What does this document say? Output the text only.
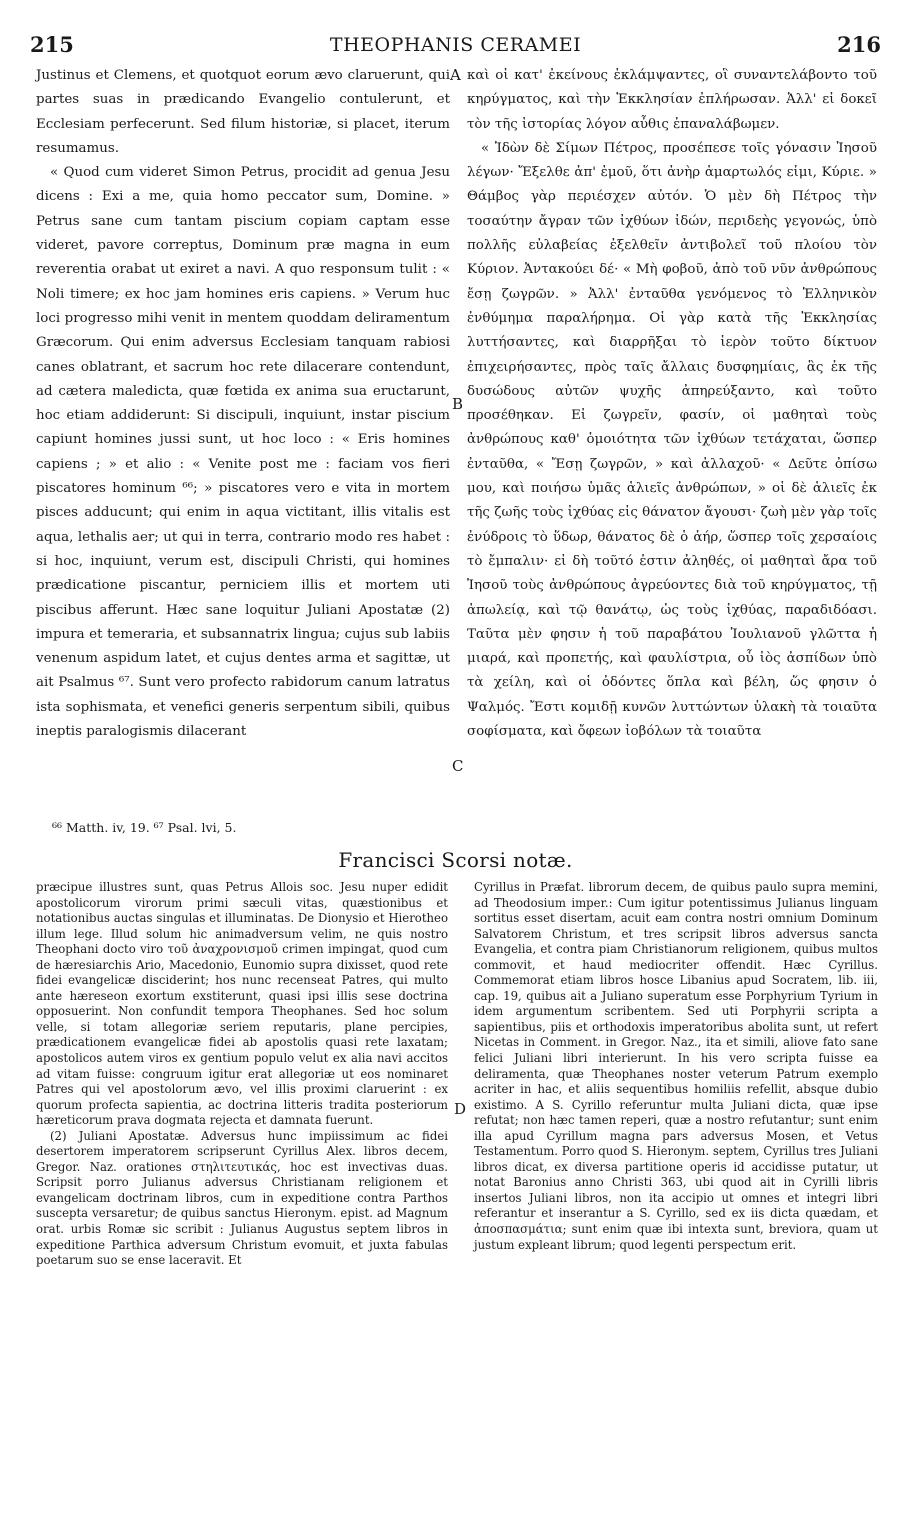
215	THEOPHANIS CERAMEI	216
A
B
C
D

Justinus et Clemens, et quotquot eorum ævo claruerunt, qui partes suas in prædicando Evangelio contulerunt, et Ecclesiam perfecerunt. Sed filum historiæ, si placet, iterum resumamus.

« Quod cum videret Simon Petrus, procidit ad genua Jesu dicens : Exi a me, quia homo peccator sum, Domine. » Petrus sane cum tantam piscium copiam captam esse videret, pavore correptus, Dominum præ magna in eum reverentia orabat ut exiret a navi. A quo responsum tulit : « Noli timere; ex hoc jam homines eris capiens. » Verum huc loci progresso mihi venit in mentem quoddam deliramentum Græcorum. Qui enim adversus Ecclesiam tanquam rabiosi canes oblatrant, et sacrum hoc rete dilacerare contendunt, ad cætera maledicta, quæ fœtida ex anima sua eructarunt, hoc etiam addiderunt: Si discipuli, inquiunt, instar piscium capiunt homines jussi sunt, ut hoc loco : « Eris homines capiens ; » et alio : « Venite post me : faciam vos fieri piscatores hominum ⁶⁶; » piscatores vero e vita in mortem pisces adducunt; qui enim in aqua victitant, illis vitalis est aqua, lethalis aer; ut qui in terra, contrario modo res habet : si hoc, inquiunt, verum est, discipuli Christi, qui homines prædicatione piscantur, perniciem illis et mortem uti piscibus afferunt. Hæc sane loquitur Juliani Apostatæ (2) impura et temeraria, et subsannatrix lingua; cujus sub labiis venenum aspidum latet, et cujus dentes arma et sagittæ, ut ait Psalmus ⁶⁷. Sunt vero profecto rabidorum canum latratus ista sophismata, et venefici generis serpentum sibili, quibus ineptis paralogismis dilacerant

καὶ οἱ κατ' ἐκείνους ἐκλάμψαντες, οἳ συναντελάβοντο τοῦ κηρύγματος, καὶ τὴν Ἐκκλησίαν ἐπλήρωσαν. Ἀλλ' εἰ δοκεῖ τὸν τῆς ἱστορίας λόγον αὖθις ἐπαναλάβωμεν.

« Ἰδὼν δὲ Σίμων Πέτρος, προσέπεσε τοῖς γόνασιν Ἰησοῦ λέγων· Ἔξελθε ἀπ' ἐμοῦ, ὅτι ἀνὴρ ἁμαρτωλός εἰμι, Κύριε. » Θάμβος γὰρ περιέσχεν αὐτόν. Ὁ μὲν δὴ Πέτρος τὴν τοσαύτην ἄγραν τῶν ἰχθύων ἰδών, περιδεὴς γεγονώς, ὑπὸ πολλῆς εὐλαβείας ἐξελθεῖν ἀντιβολεῖ τοῦ πλοίου τὸν Κύριον. Ἀντακούει δέ· « Μὴ φοβοῦ, ἀπὸ τοῦ νῦν ἀνθρώπους ἔσῃ ζωγρῶν. » Ἀλλ' ἐνταῦθα γενόμενος τὸ Ἑλληνικὸν ἐνθύμημα παραλήρημα. Οἱ γὰρ κατὰ τῆς Ἐκκλησίας λυττήσαντες, καὶ διαρρῆξαι τὸ ἱερὸν τοῦτο δίκτυον ἐπιχειρήσαντες, πρὸς ταῖς ἄλλαις δυσφημίαις, ἃς ἐκ τῆς δυσώδους αὐτῶν ψυχῆς ἀπηρεύξαντο, καὶ τοῦτο προσέθηκαν. Εἰ ζωγρεῖν, φασίν, οἱ μαθηταὶ τοὺς ἀνθρώπους καθ' ὁμοιότητα τῶν ἰχθύων τετάχαται, ὥσπερ ἐνταῦθα, « Ἔσῃ ζωγρῶν, » καὶ ἀλλαχοῦ· « Δεῦτε ὀπίσω μου, καὶ ποιήσω ὑμᾶς ἁλιεῖς ἀνθρώπων, » οἱ δὲ ἁλιεῖς ἐκ τῆς ζωῆς τοὺς ἰχθύας εἰς θάνατον ἄγουσι· ζωὴ μὲν γὰρ τοῖς ἐνύδροις τὸ ὕδωρ, θάνατος δὲ ὁ ἀήρ, ὥσπερ τοῖς χερσαίοις τὸ ἔμπαλιν· εἰ δὴ τοῦτό ἐστιν ἀληθές, οἱ μαθηταὶ ἄρα τοῦ Ἰησοῦ τοὺς ἀνθρώπους ἀγρεύοντες διὰ τοῦ κηρύγματος, τῇ ἀπωλείᾳ, καὶ τῷ θανάτῳ, ὡς τοὺς ἰχθύας, παραδιδόασι. Ταῦτα μὲν φησιν ἡ τοῦ παραβάτου Ἰουλιανοῦ γλῶττα ἡ μιαρά, καὶ προπετής, καὶ φαυλίστρια, οὗ ἰὸς ἀσπίδων ὑπὸ τὰ χείλη, καὶ οἱ ὀδόντες ὅπλα καὶ βέλη, ὥς φησιν ὁ Ψαλμός. Ἔστι κομιδῇ κυνῶν λυττώντων ὑλακὴ τὰ τοιαῦτα σοφίσματα, καὶ ὄφεων ἰοβόλων τὰ τοιαῦτα

⁶⁶ Matth. iv, 19. ⁶⁷ Psal. lvi, 5.
Francisci Scorsi notæ.

præcipue illustres sunt, quas Petrus Allois soc. Jesu nuper edidit apostolicorum virorum primi sæculi vitas, quæstionibus et notationibus auctas singulas et illuminatas. De Dionysio et Hierotheo illum lege. Illud solum hic animadversum velim, ne quis nostro Theophani docto viro τοῦ ἀναχρονισμοῦ crimen impingat, quod cum de hæresiarchis Ario, Macedonio, Eunomio supra dixisset, quod rete fidei evangelicæ disciderint; hos nunc recenseat Patres, qui multo ante hæreseon exortum exstiterunt, quasi ipsi illis sese doctrina opposuerint. Non confundit tempora Theophanes. Sed hoc solum velle, si totam allegoriæ seriem reputaris, plane percipies, prædicationem evangelicæ fidei ab apostolis quasi rete laxatam; apostolicos autem viros ex gentium populo velut ex alia navi accitos ad vitam fuisse: congruum igitur erat allegoriæ ut eos nominaret Patres qui vel apostolorum ævo, vel illis proximi claruerint : ex quorum profecta sapientia, ac doctrina litteris tradita posteriorum hæreticorum prava dogmata rejecta et damnata fuerunt.

(2) Juliani Apostatæ. Adversus hunc impiissimum ac fidei desertorem imperatorem scripserunt Cyrillus Alex. libros decem, Gregor. Naz. orationes στηλιτευτικάς, hoc est invectivas duas. Scripsit porro Julianus adversus Christianam religionem et evangelicam doctrinam libros, cum in expeditione contra Parthos suscepta versaretur; de quibus sanctus Hieronym. epist. ad Magnum orat. urbis Romæ sic scribit : Julianus Augustus septem libros in expeditione Parthica adversum Christum evomuit, et juxta fabulas poetarum suo se ense laceravit. Et

Cyrillus in Præfat. librorum decem, de quibus paulo supra memini, ad Theodosium imper.: Cum igitur potentissimus Julianus linguam sortitus esset disertam, acuit eam contra nostri omnium Dominum Salvatorem Christum, et tres scripsit libros adversus sancta Evangelia, et contra piam Christianorum religionem, quibus multos commovit, et haud mediocriter offendit. Hæc Cyrillus. Commemorat etiam libros hosce Libanius apud Socratem, lib. iii, cap. 19, quibus ait a Juliano superatum esse Porphyrium Tyrium in idem argumentum scribentem. Sed uti Porphyrii scripta a sapientibus, piis et orthodoxis imperatoribus abolita sunt, ut refert Nicetas in Comment. in Gregor. Naz., ita et simili, aliove fato sane felici Juliani libri interierunt. In his vero scripta fuisse ea deliramenta, quæ Theophanes noster veterum Patrum exemplo acriter in hac, et aliis sequentibus homiliis refellit, absque dubio existimo. A S. Cyrillo referuntur multa Juliani dicta, quæ ipse refutat; non hæc tamen reperi, quæ a nostro refutantur; sunt enim illa apud Cyrillum magna pars adversus Mosen, et Vetus Testamentum. Porro quod S. Hieronym. septem, Cyrillus tres Juliani libros dicat, ex diversa partitione operis id accidisse putatur, ut notat Baronius anno Christi 363, ubi quod ait in Cyrilli libris insertos Juliani libros, non ita accipio ut omnes et integri libri referantur et inserantur a S. Cyrillo, sed ex iis dicta quædam, et ἀποσπασμάτια; sunt enim quæ ibi intexta sunt, breviora, quam ut justum expleant librum; quod legenti perspectum erit.
